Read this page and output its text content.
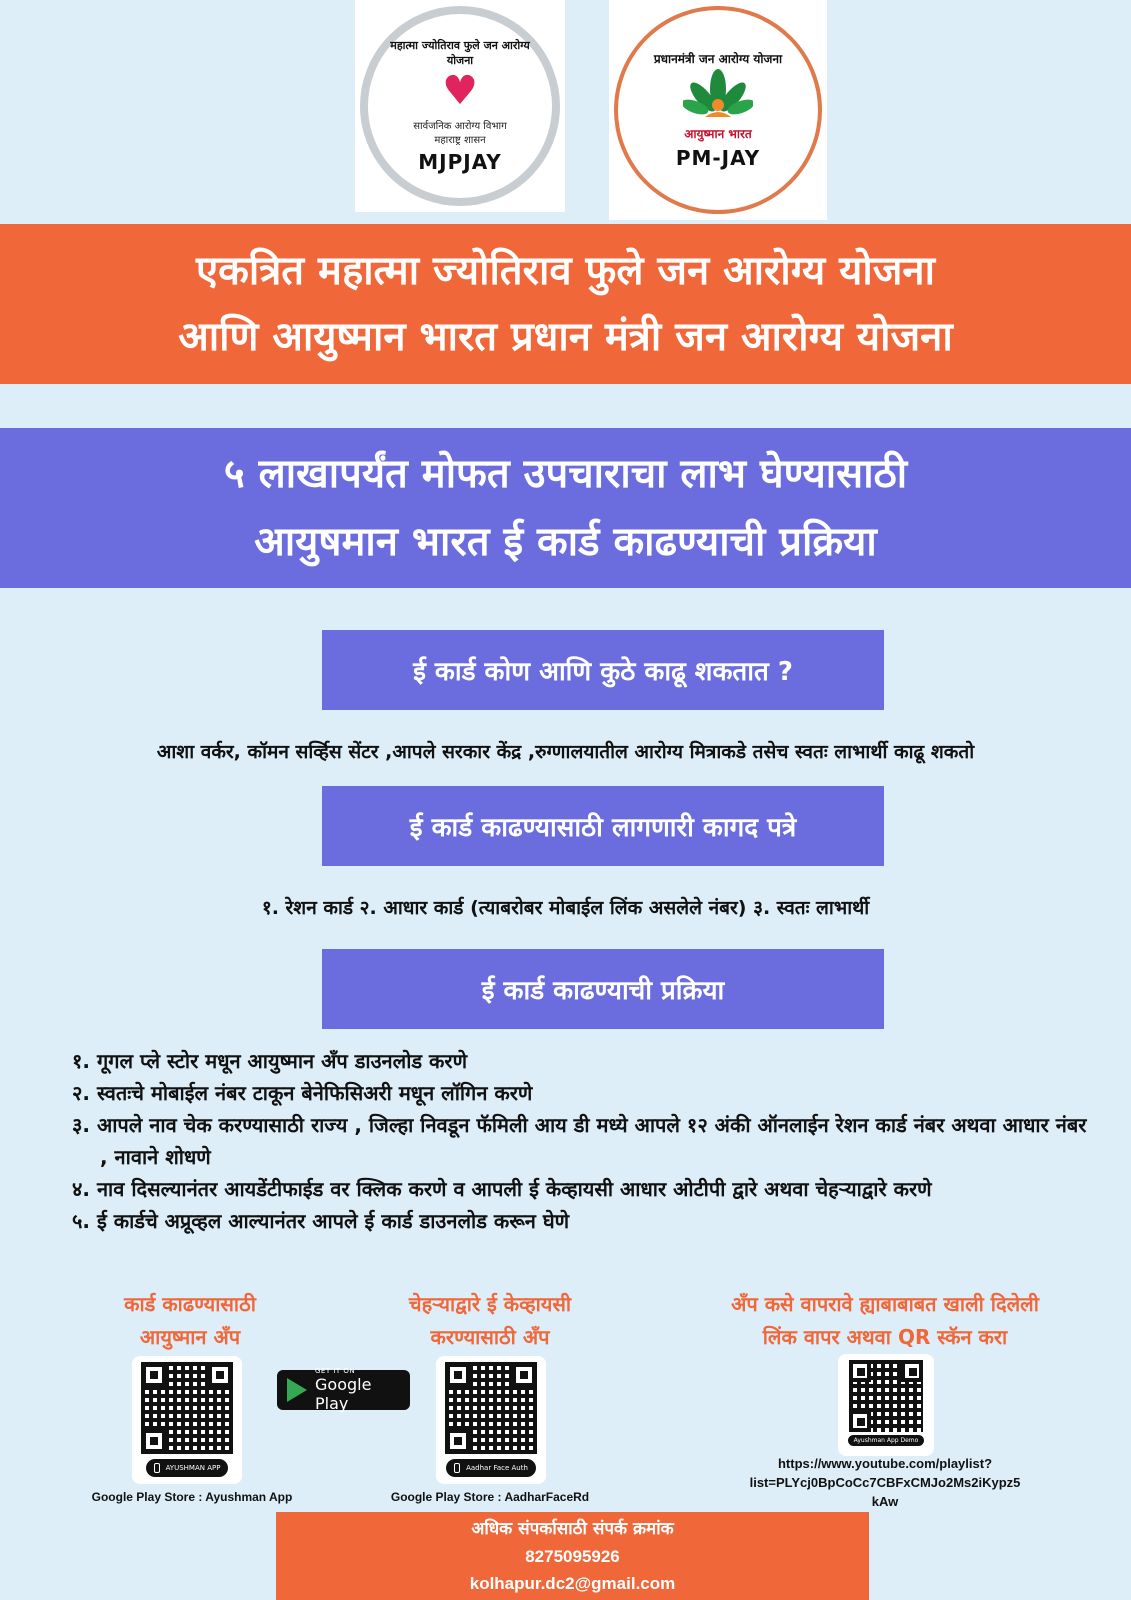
महात्मा ज्योतिराव फुले जन आरोग्य योजना
♥
सार्वजनिक आरोग्य विभाग
महाराष्ट्र शासन
MJPJAY
प्रधानमंत्री जन आरोग्य योजना
आयुष्मान भारत
PM-JAY
एकत्रित महात्मा ज्योतिराव फुले जन आरोग्य योजना
आणि आयुष्मान भारत प्रधान मंत्री जन आरोग्य योजना
५ लाखापर्यंत मोफत उपचाराचा लाभ घेण्यासाठी
आयुषमान भारत ई कार्ड काढण्याची प्रक्रिया
ई कार्ड कोण आणि कुठे काढू शकतात ?
आशा वर्कर, कॉमन सर्व्हिस सेंटर ,आपले सरकार केंद्र ,रुग्णालयातील आरोग्य मित्राकडे तसेच स्वतः लाभार्थी काढू शकतो
ई कार्ड काढण्यासाठी लागणारी कागद पत्रे
१. रेशन कार्ड २. आधार कार्ड (त्याबरोबर मोबाईल लिंक असलेले नंबर) ३. स्वतः लाभार्थी
ई कार्ड काढण्याची प्रक्रिया
१. गूगल प्ले स्टोर मधून आयुष्मान अँप डाउनलोड करणे
२. स्वतःचे मोबाईल नंबर टाकून बेनेफिसिअरी मधून लॉगिन करणे
३. आपले नाव चेक करण्यासाठी राज्य , जिल्हा निवडून फॅमिली आय डी मध्ये आपले १२ अंकी ऑनलाईन रेशन कार्ड नंबर अथवा आधार नंबर , नावाने शोधणे
४. नाव दिसल्यानंतर आयडेंटीफाईड वर क्लिक करणे व आपली ई केव्हायसी आधार ओटीपी द्वारे अथवा चेहऱ्याद्वारे करणे
५. ई कार्डचे अप्रूव्हल आल्यानंतर आपले ई कार्ड डाउनलोड करून घेणे
कार्ड काढण्यासाठी
आयुष्मान अँप
चेहऱ्याद्वारे ई केव्हायसी
करण्यासाठी अँप
अँप कसे वापरावे ह्याबाबाबत खाली दिलेली
लिंक वापर अथवा QR स्कॅन करा
AYUSHMAN APP
GET IT ON
Google Play
Aadhar Face Auth
Ayushman App Demo
Google Play Store : Ayushman App	Google Play Store : AadharFaceRd
https://www.youtube.com/playlist?
list=PLYcj0BpCoCc7CBFxCMJo2Ms2iKypz5
kAw
अधिक संपर्कासाठी संपर्क क्रमांक
8275095926
kolhapur.dc2@gmail.com
